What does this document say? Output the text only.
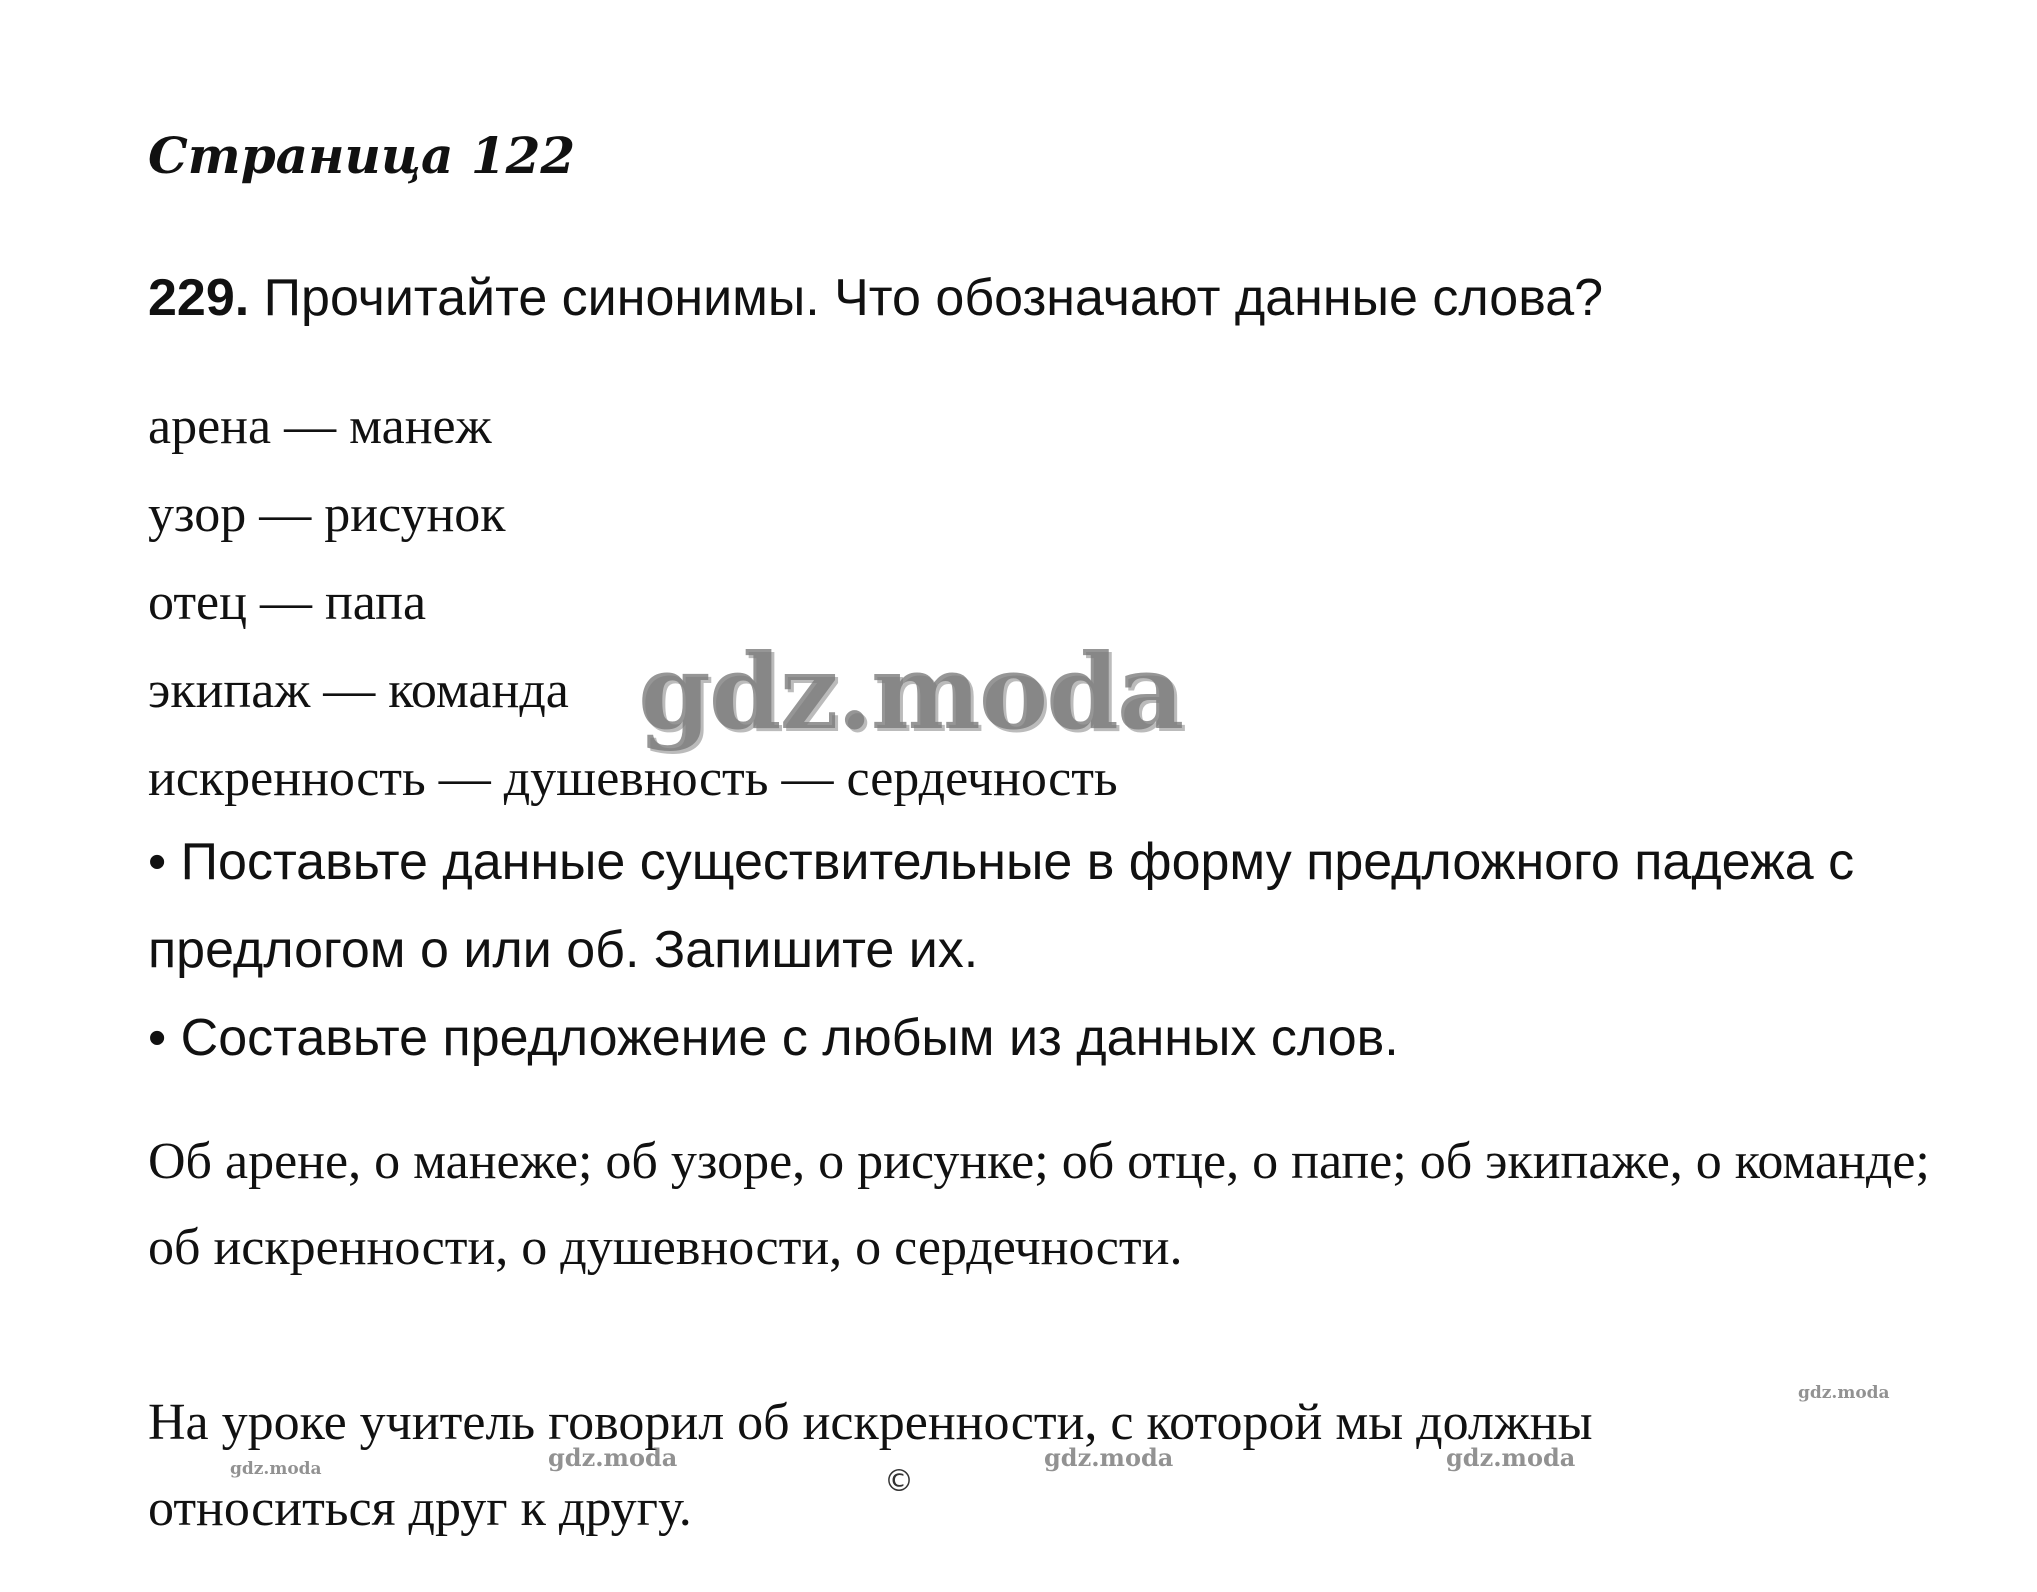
Страница 122
229. Прочитайте синонимы. Что обозначают данные слова?
арена — манеж
узор — рисунок
отец — папа
экипаж — команда
искренность — душевность — сердечность
• Поставьте данные существительные в форму предложного падежа с предлогом о или об. Запишите их.
• Составьте предложение с любым из данных слов.
Об арене, о манеже; об узоре, о рисунке; об отце, о папе; об экипаже, о команде; об искренности, о душевности, о сердечности.
На уроке учитель говорил об искренности, с которой мы должны относиться друг к другу.
gdz.moda
gdz.moda	gdz.moda	gdz.moda
gdz.moda
gdz.moda
©
